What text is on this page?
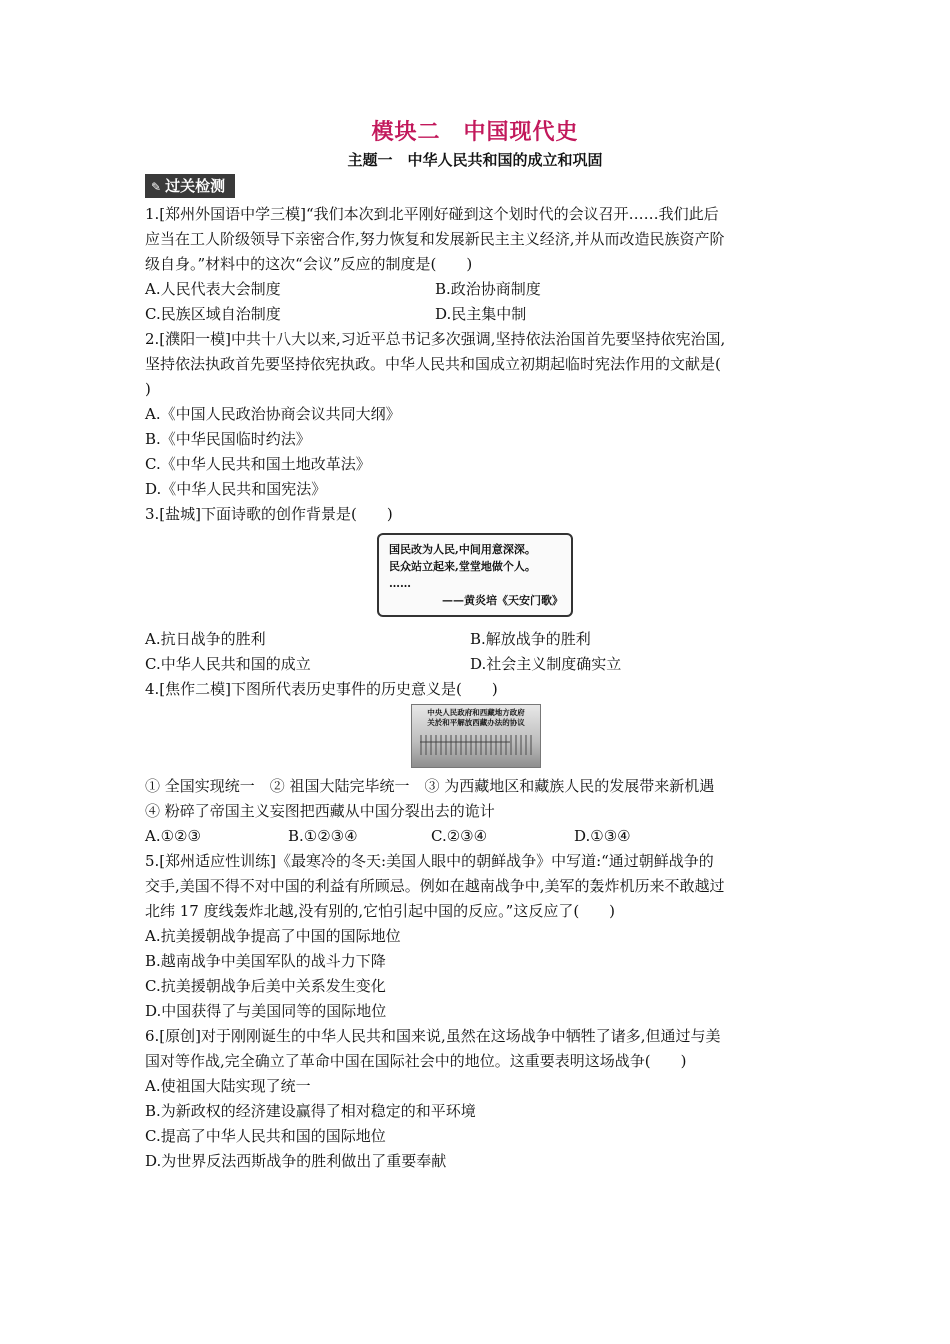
模块二　中国现代史
主题一　中华人民共和国的成立和巩固
✎ 过关检测
1.[郑州外国语中学三模]“我们本次到北平刚好碰到这个划时代的会议召开……我们此后
应当在工人阶级领导下亲密合作,努力恢复和发展新民主主义经济,并从而改造民族资产阶
级自身。”材料中的这次“会议”反应的制度是(　　)
A.人民代表大会制度	B.政治协商制度
C.民族区域自治制度	D.民主集中制
2.[濮阳一模]中共十八大以来,习近平总书记多次强调,坚持依法治国首先要坚持依宪治国,
坚持依法执政首先要坚持依宪执政。中华人民共和国成立初期起临时宪法作用的文献是(
)
A.《中国人民政治协商会议共同大纲》
B.《中华民国临时约法》
C.《中华人民共和国土地改革法》
D.《中华人民共和国宪法》
3.[盐城]下面诗歌的创作背景是(　　)
国民改为人民,中间用意深深。
民众站立起来,堂堂地做个人。
……
——黄炎培《天安门歌》
A.抗日战争的胜利	B.解放战争的胜利
C.中华人民共和国的成立	D.社会主义制度确实立
4.[焦作二模]下图所代表历史事件的历史意义是(　　)
中央人民政府和西藏地方政府
关於和平解放西藏办法的协议
① 全国实现统一　② 祖国大陆完毕统一　③ 为西藏地区和藏族人民的发展带来新机遇
④ 粉碎了帝国主义妄图把西藏从中国分裂出去的诡计
A.①②③	B.①②③④	C.②③④	D.①③④
5.[郑州适应性训练]《最寒冷的冬天:美国人眼中的朝鲜战争》中写道:“通过朝鲜战争的
交手,美国不得不对中国的利益有所顾忌。例如在越南战争中,美军的轰炸机历来不敢越过
北纬 17 度线轰炸北越,没有别的,它怕引起中国的反应。”这反应了(　　)
A.抗美援朝战争提高了中国的国际地位
B.越南战争中美国军队的战斗力下降
C.抗美援朝战争后美中关系发生变化
D.中国获得了与美国同等的国际地位
6.[原创]对于刚刚诞生的中华人民共和国来说,虽然在这场战争中牺牲了诸多,但通过与美
国对等作战,完全确立了革命中国在国际社会中的地位。这重要表明这场战争(　　)
A.使祖国大陆实现了统一
B.为新政权的经济建设赢得了相对稳定的和平环境
C.提高了中华人民共和国的国际地位
D.为世界反法西斯战争的胜利做出了重要奉献
